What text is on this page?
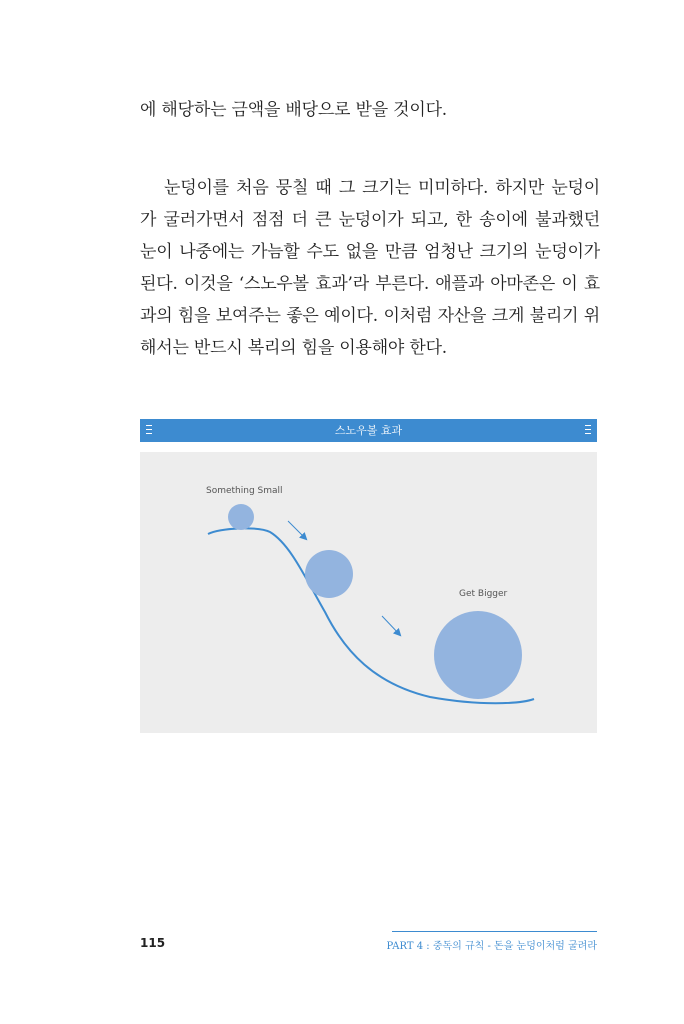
에 해당하는 금액을 배당으로 받을 것이다.
눈덩이를 처음 뭉칠 때 그 크기는 미미하다. 하지만 눈덩이가 굴러가면서 점점 더 큰 눈덩이가 되고, 한 송이에 불과했던 눈이 나중에는 가늠할 수도 없을 만큼 엄청난 크기의 눈덩이가 된다. 이것을 ‘스노우볼 효과’라 부른다. 애플과 아마존은 이 효과의 힘을 보여주는 좋은 예이다. 이처럼 자산을 크게 불리기 위해서는 반드시 복리의 힘을 이용해야 한다.
스노우볼 효과
Something Small
Get Bigger
115	PART 4 : 중독의 규칙 - 돈을 눈덩이처럼 굴려라
